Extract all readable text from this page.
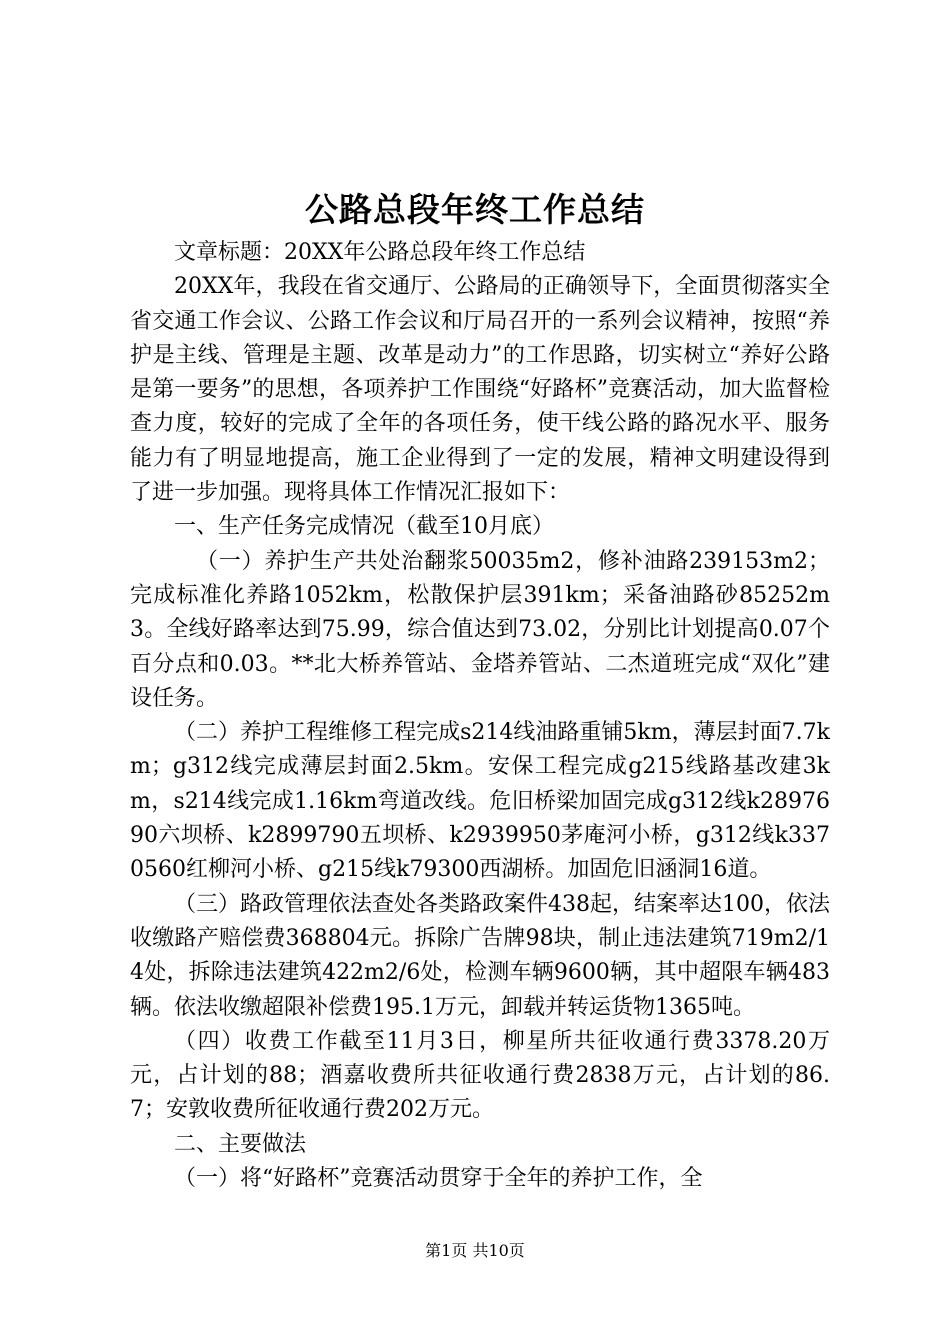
公路总段年终工作总结

文章标题：20XX年公路总段年终工作总结

20XX年，我段在省交通厅、公路局的正确领导下，全面贯彻落实全省交通工作会议、公路工作会议和厅局召开的一系列会议精神，按照“养护是主线、管理是主题、改革是动力”的工作思路，切实树立“养好公路是第一要务”的思想，各项养护工作围绕“好路杯”竞赛活动，加大监督检查力度，较好的完成了全年的各项任务，使干线公路的路况水平、服务能力有了明显地提高，施工企业得到了一定的发展，精神文明建设得到了进一步加强。现将具体工作情况汇报如下：

一、生产任务完成情况（截至10月底）

（一）养护生产共处治翻浆50035m2，修补油路239153m2；完成标准化养路1052km，松散保护层391km；采备油路砂85252m3。全线好路率达到75.99，综合值达到73.02，分别比计划提高0.07个百分点和0.03。**北大桥养管站、金塔养管站、二杰道班完成“双化”建设任务。

（二）养护工程维修工程完成s214线油路重铺5km，薄层封面7.7km；g312线完成薄层封面2.5km。安保工程完成g215线路基改建3km，s214线完成1.16km弯道改线。危旧桥梁加固完成g312线k2897690六坝桥、k2899790五坝桥、k2939950茅庵河小桥，g312线k3370560红柳河小桥、g215线k79300西湖桥。加固危旧涵洞16道。

（三）路政管理依法查处各类路政案件438起，结案率达100，依法收缴路产赔偿费368804元。拆除广告牌98块，制止违法建筑719m2/14处，拆除违法建筑422m2/6处，检测车辆9600辆，其中超限车辆483辆。依法收缴超限补偿费195.1万元，卸载并转运货物1365吨。

（四）收费工作截至11月3日，柳星所共征收通行费3378.20万元，占计划的88；酒嘉收费所共征收通行费2838万元，占计划的86.7；安敦收费所征收通行费202万元。

二、主要做法

（一）将“好路杯”竞赛活动贯穿于全年的养护工作，全

第1页 共10页
